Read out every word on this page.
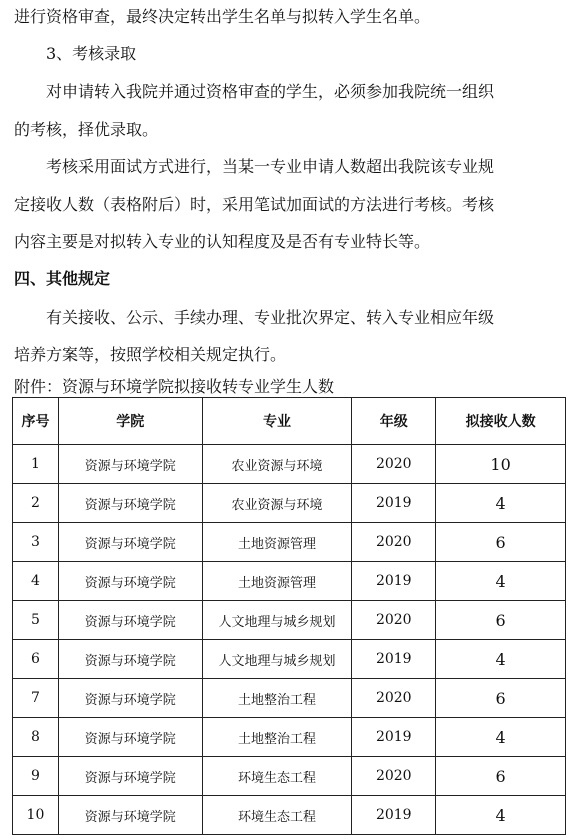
进行资格审查，最终决定转出学生名单与拟转入学生名单。
3、考核录取
对申请转入我院并通过资格审查的学生，必须参加我院统一组织
的考核，择优录取。
考核采用面试方式进行，当某一专业申请人数超出我院该专业规
定接收人数（表格附后）时，采用笔试加面试的方法进行考核。考核
内容主要是对拟转入专业的认知程度及是否有专业特长等。
四、其他规定
有关接收、公示、手续办理、专业批次界定、转入专业相应年级
培养方案等，按照学校相关规定执行。
附件：资源与环境学院拟接收转专业学生人数
序号	学院	专业	年级	拟接收人数
1	资源与环境学院	农业资源与环境	2020	10
2	资源与环境学院	农业资源与环境	2019	4
3	资源与环境学院	土地资源管理	2020	6
4	资源与环境学院	土地资源管理	2019	4
5	资源与环境学院	人文地理与城乡规划	2020	6
6	资源与环境学院	人文地理与城乡规划	2019	4
7	资源与环境学院	土地整治工程	2020	6
8	资源与环境学院	土地整治工程	2019	4
9	资源与环境学院	环境生态工程	2020	6
10	资源与环境学院	环境生态工程	2019	4
